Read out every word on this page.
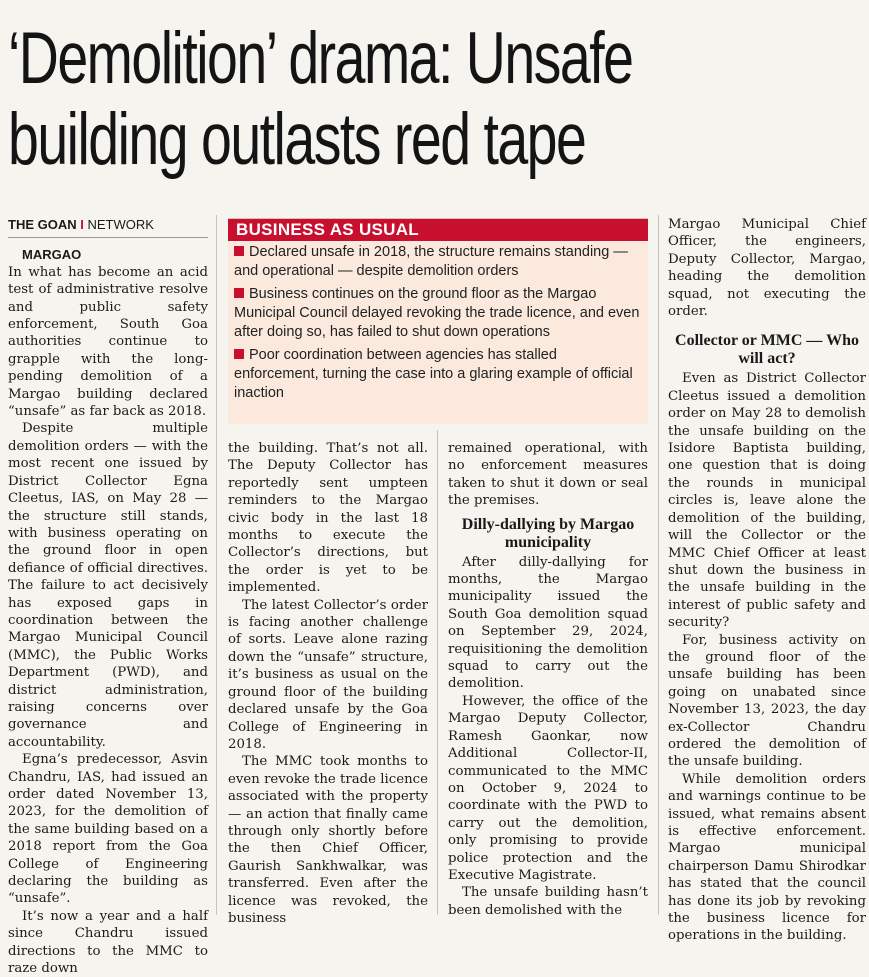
‘Demolition’ drama: Unsafe
building outlasts red tape
THE GOAN I NETWORK

MARGAO

In what has become an acid test of administrative resolve and public safety enforcement, South Goa authorities continue to grapple with the long-pending demolition of a Margao building declared “unsafe” as far back as 2018.

Despite multiple demolition orders — with the most recent one issued by District Collector Egna Cleetus, IAS, on May 28 — the structure still stands, with business operating on the ground floor in open defiance of official directives. The failure to act decisively has exposed gaps in coordination between the Margao Municipal Council (MMC), the Public Works Department (PWD), and district administration, raising concerns over governance and accountability.

Egna’s predecessor, Asvin Chandru, IAS, had issued an order dated November 13, 2023, for the demolition of the same building based on a 2018 report from the Goa College of Engineering declaring the building as “unsafe”.

It’s now a year and a half since Chandru issued directions to the MMC to raze down

BUSINESS AS USUAL
Declared unsafe in 2018, the structure remains standing — and operational — despite demolition orders
Business continues on the ground floor as the Margao Municipal Council delayed revoking the trade licence, and even after doing so, has failed to shut down operations
Poor coordination between agencies has stalled enforcement, turning the case into a glaring example of official inaction

the building. That’s not all. The Deputy Collector has reportedly sent umpteen reminders to the Margao civic body in the last 18 months to execute the Collector’s directions, but the order is yet to be implemented.

The latest Collector’s order is facing another challenge of sorts. Leave alone razing down the “unsafe” structure, it’s business as usual on the ground floor of the building declared unsafe by the Goa College of Engineering in 2018.

The MMC took months to even revoke the trade licence associated with the property — an action that finally came through only shortly before the then Chief Officer, Gaurish Sankhwalkar, was transferred. Even after the licence was revoked, the business

remained operational, with no enforcement measures taken to shut it down or seal the premises.

Dilly-dallying by Margao municipality

After dilly-dallying for months, the Margao municipality issued the South Goa demolition squad on September 29, 2024, requisitioning the demolition squad to carry out the demolition.

However, the office of the Margao Deputy Collector, Ramesh Gaonkar, now Additional Collector-II, communicated to the MMC on October 9, 2024 to coordinate with the PWD to carry out the demolition, only promising to provide police protection and the Executive Magistrate.

The unsafe building hasn’t been demolished with the

Margao Municipal Chief Officer, the engineers, Deputy Collector, Margao, heading the demolition squad, not executing the order.

Collector or MMC — Who will act?

Even as District Collector Cleetus issued a demolition order on May 28 to demolish the unsafe building on the Isidore Baptista building, one question that is doing the rounds in municipal circles is, leave alone the demolition of the building, will the Collector or the MMC Chief Officer at least shut down the business in the unsafe building in the interest of public safety and security?

For, business activity on the ground floor of the unsafe building has been going on unabated since November 13, 2023, the day ex-Collector Chandru ordered the demolition of the unsafe building.

While demolition orders and warnings continue to be issued, what remains absent is effective enforcement. Margao municipal chairperson Damu Shirodkar has stated that the council has done its job by revoking the business licence for operations in the building.
